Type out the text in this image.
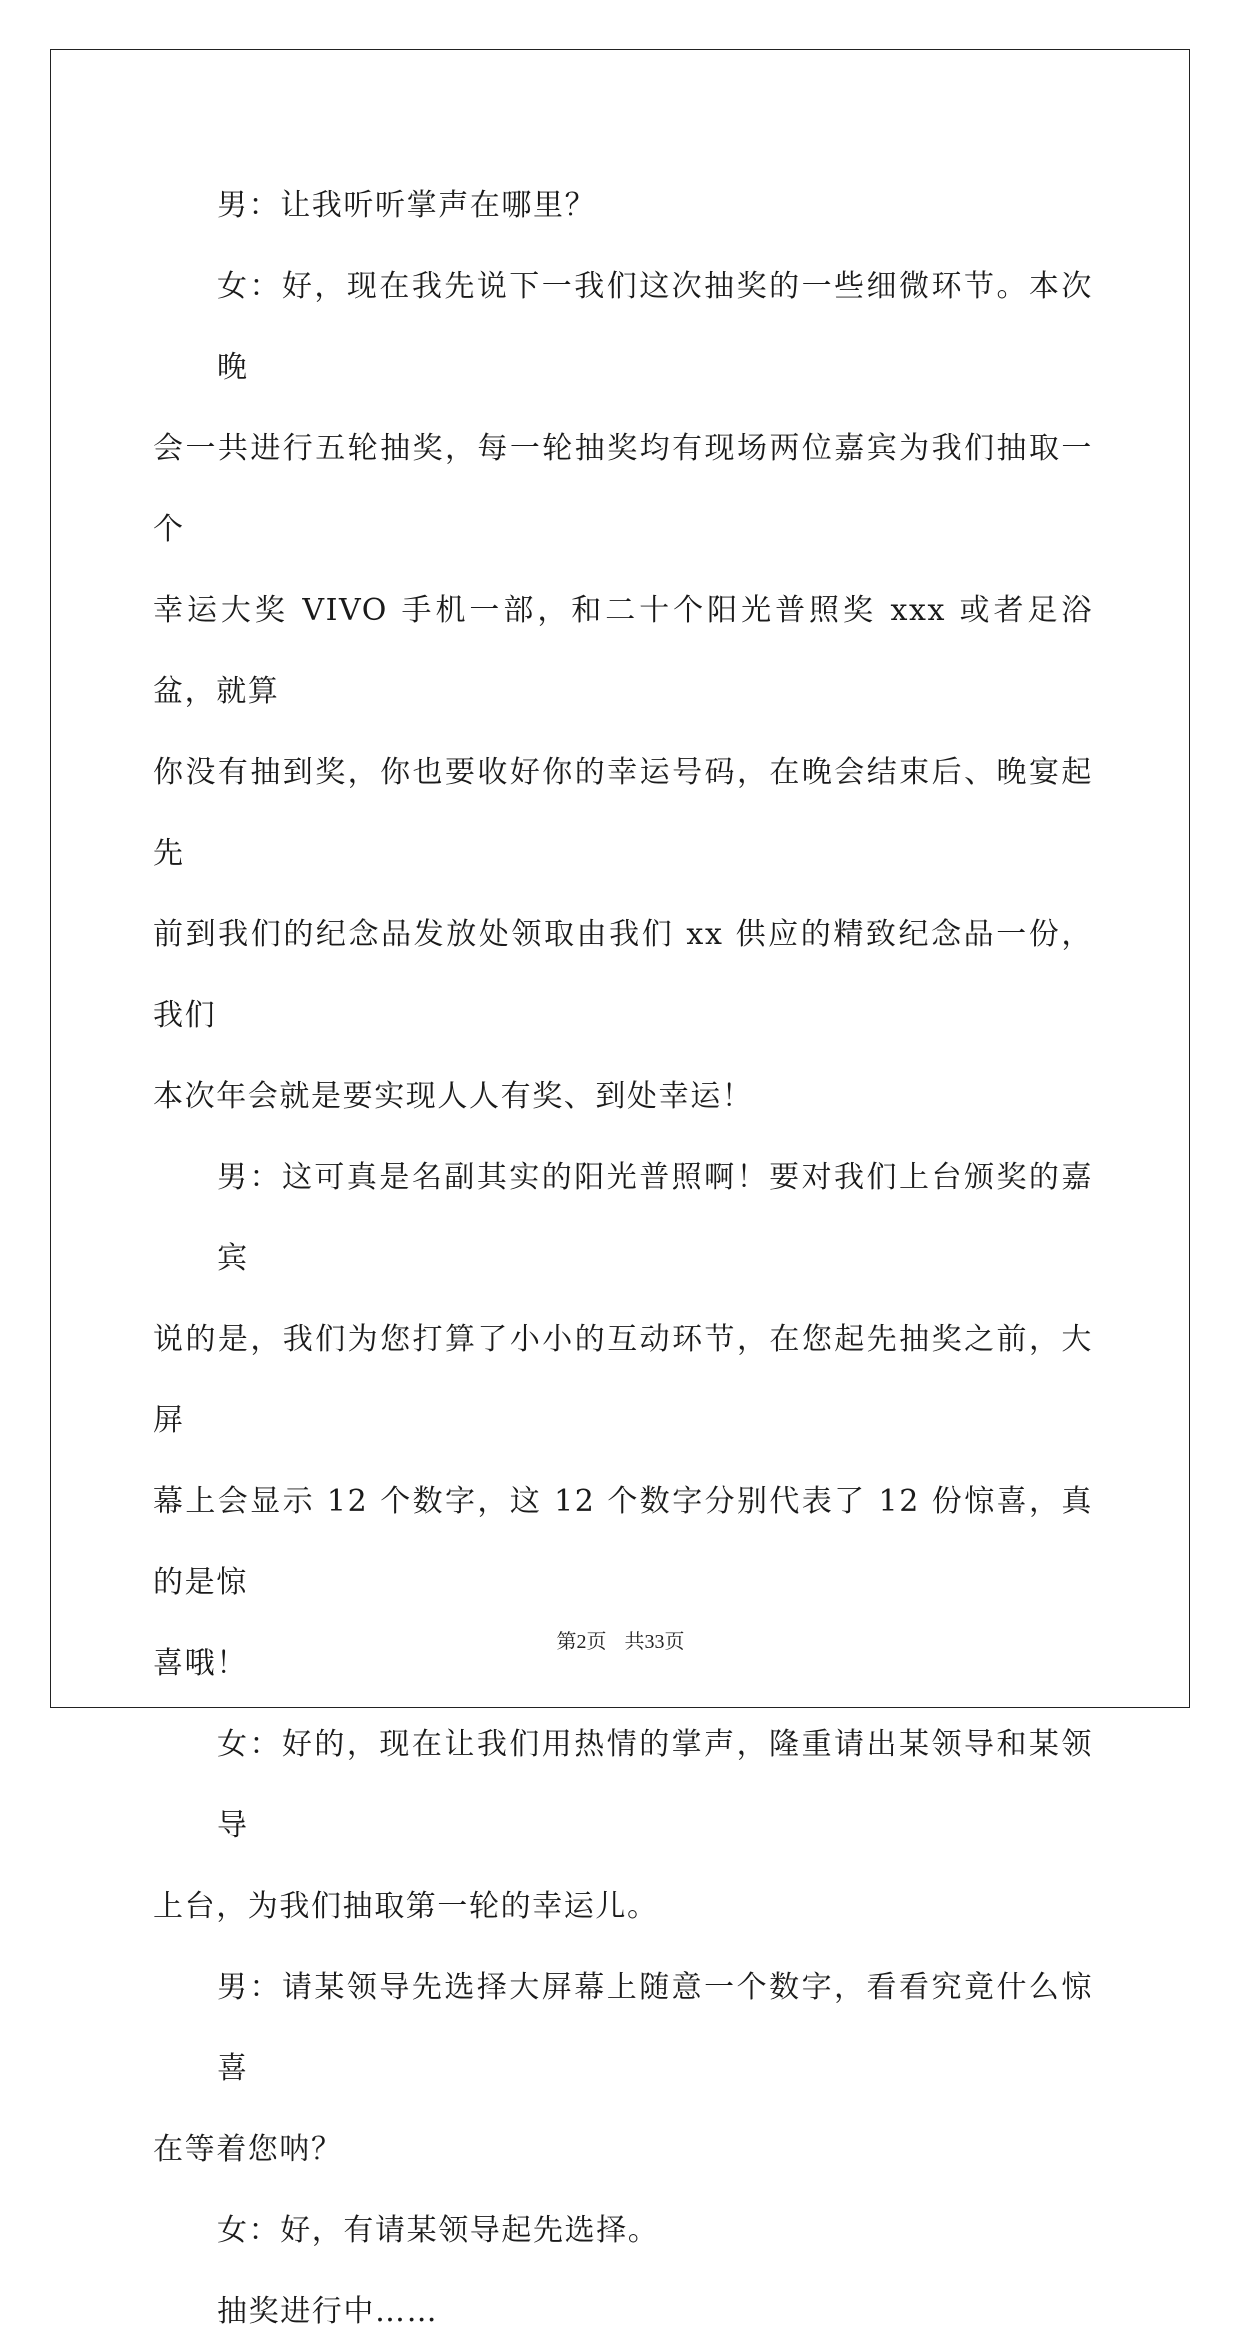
男：让我听听掌声在哪里？
女：好，现在我先说下一我们这次抽奖的一些细微环节。本次晚
会一共进行五轮抽奖，每一轮抽奖均有现场两位嘉宾为我们抽取一个
幸运大奖 VIVO 手机一部，和二十个阳光普照奖 xxx 或者足浴盆，就算
你没有抽到奖，你也要收好你的幸运号码，在晚会结束后、晚宴起先
前到我们的纪念品发放处领取由我们 xx 供应的精致纪念品一份，我们
本次年会就是要实现人人有奖、到处幸运！
男：这可真是名副其实的阳光普照啊！要对我们上台颁奖的嘉宾
说的是，我们为您打算了小小的互动环节，在您起先抽奖之前，大屏
幕上会显示 12 个数字，这 12 个数字分别代表了 12 份惊喜，真的是惊
喜哦！
女：好的，现在让我们用热情的掌声，隆重请出某领导和某领导
上台，为我们抽取第一轮的幸运儿。
男：请某领导先选择大屏幕上随意一个数字，看看究竟什么惊喜
在等着您呐？
女：好，有请某领导起先选择。
抽奖进行中……
第2页 共33页
